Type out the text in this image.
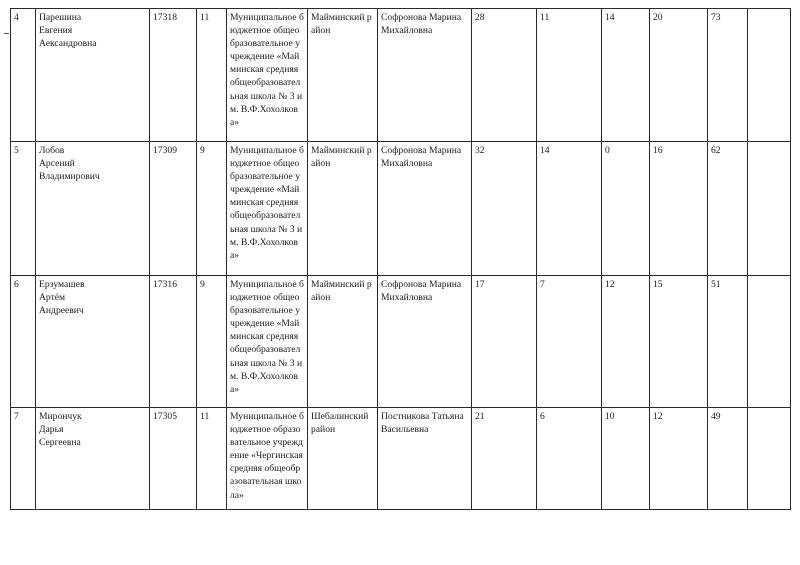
4	Парешина
Евгения
Аександровна	17318	11	Муниципальное бюджетное общеобразовательное учреждение «Майминская средняя общеобразовательная школа № 3 им. В.Ф.Хохолкова»	Майминский район	Софронова Марина Михайловна	28	11	14	20	73	
5	Лобов
Арсений
Владимирович	17309	9	Муниципальное бюджетное общеобразовательное учреждение «Майминская средняя общеобразовательная школа № 3 им. В.Ф.Хохолкова»	Майминский район	Софронова Марина Михайловна	32	14	0	16	62	
6	Ерзумашев
Артём
Андреевич	17316	9	Муниципальное бюджетное общеобразовательное учреждение «Майминская средняя общеобразовательная школа № 3 им. В.Ф.Хохолкова»	Майминский район	Софронова Марина Михайловна	17	7	12	15	51	
7	Мирончук
Дарья
Сергеевна	17305	11	Муниципальное бюджетное образовательное учреждение «Чергинская средняя общеобразовательная школа»	Шебалинский район	Постникова Татьяна Васильевна	21	6	10	12	49	
